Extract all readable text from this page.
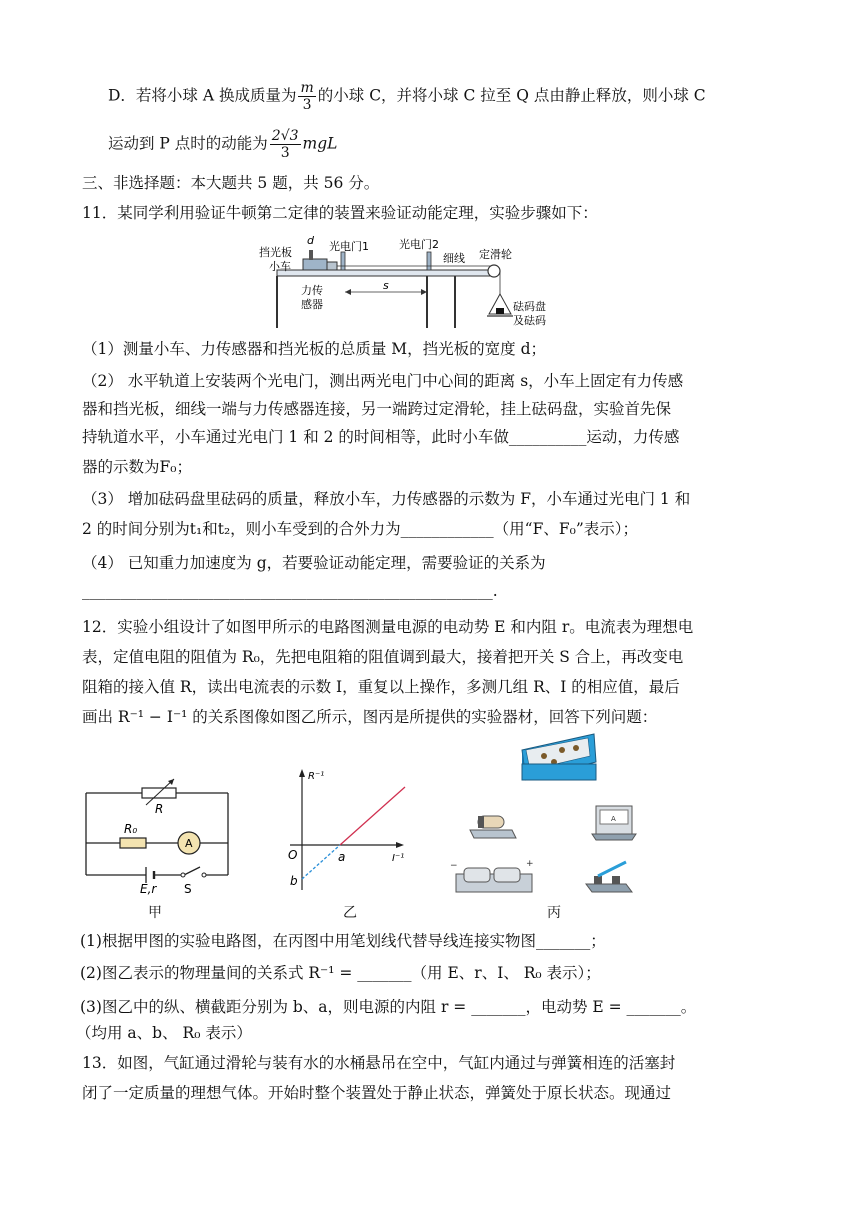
D．若将小球 A 换成质量为 $\frac{m}{3}$ 的小球 C，并将小球 C 拉至 Q 点由静止释放，则小球 C
运动到 P 点时的动能为 $\frac{2√3}{3}$ mgL
三、非选择题：本大题共 5 题，共 56 分。
11．某同学利用验证牛顿第二定律的装置来验证动能定理，实验步骤如下：
d
挡光板
小车
光电门1	光电门2
细线 定滑轮
力传
感器
s
砝码盘
及砝码
（1）测量小车、力传感器和挡光板的总质量 M，挡光板的宽度 d；
（2） 水平轨道上安装两个光电门，测出两光电门中心间的距离 s，小车上固定有力传感
器和挡光板，细线一端与力传感器连接，另一端跨过定滑轮，挂上砝码盘，实验首先保
持轨道水平，小车通过光电门 1 和 2 的时间相等，此时小车做__________运动，力传感
器的示数为F₀；
（3） 增加砝码盘里砝码的质量，释放小车，力传感器的示数为 F，小车通过光电门 1 和
2 的时间分别为t₁和t₂，则小车受到的合外力为____________（用“F、F₀”表示）；
（4） 已知重力加速度为 g，若要验证动能定理，需要验证的关系为
_____________________________________________________.
12．实验小组设计了如图甲所示的电路图测量电源的电动势 E 和内阻 r。电流表为理想电
表，定值电阻的阻值为 R₀，先把电阻箱的阻值调到最大，接着把开关 S 合上，再改变电
阻箱的接入值 R，读出电流表的示数 I，重复以上操作，多测几组 R、I 的相应值，最后
画出 R⁻¹ − I⁻¹ 的关系图像如图乙所示，图丙是所提供的实验器材，回答下列问题：
R
R₀
A
E,r S
甲
R⁻¹
I⁻¹
O	a
b
乙
A
−	+
丙
(1)根据甲图的实验电路图，在丙图中用笔划线代替导线连接实物图_______；
(2)图乙表示的物理量间的关系式 R⁻¹ = _______（用 E、r、I、 R₀ 表示）；
(3)图乙中的纵、横截距分别为 b、a，则电源的内阻 r = _______，电动势 E = _______。
（均用 a、b、 R₀ 表示）
13．如图，气缸通过滑轮与装有水的水桶悬吊在空中，气缸内通过与弹簧相连的活塞封
闭了一定质量的理想气体。开始时整个装置处于静止状态，弹簧处于原长状态。现通过
